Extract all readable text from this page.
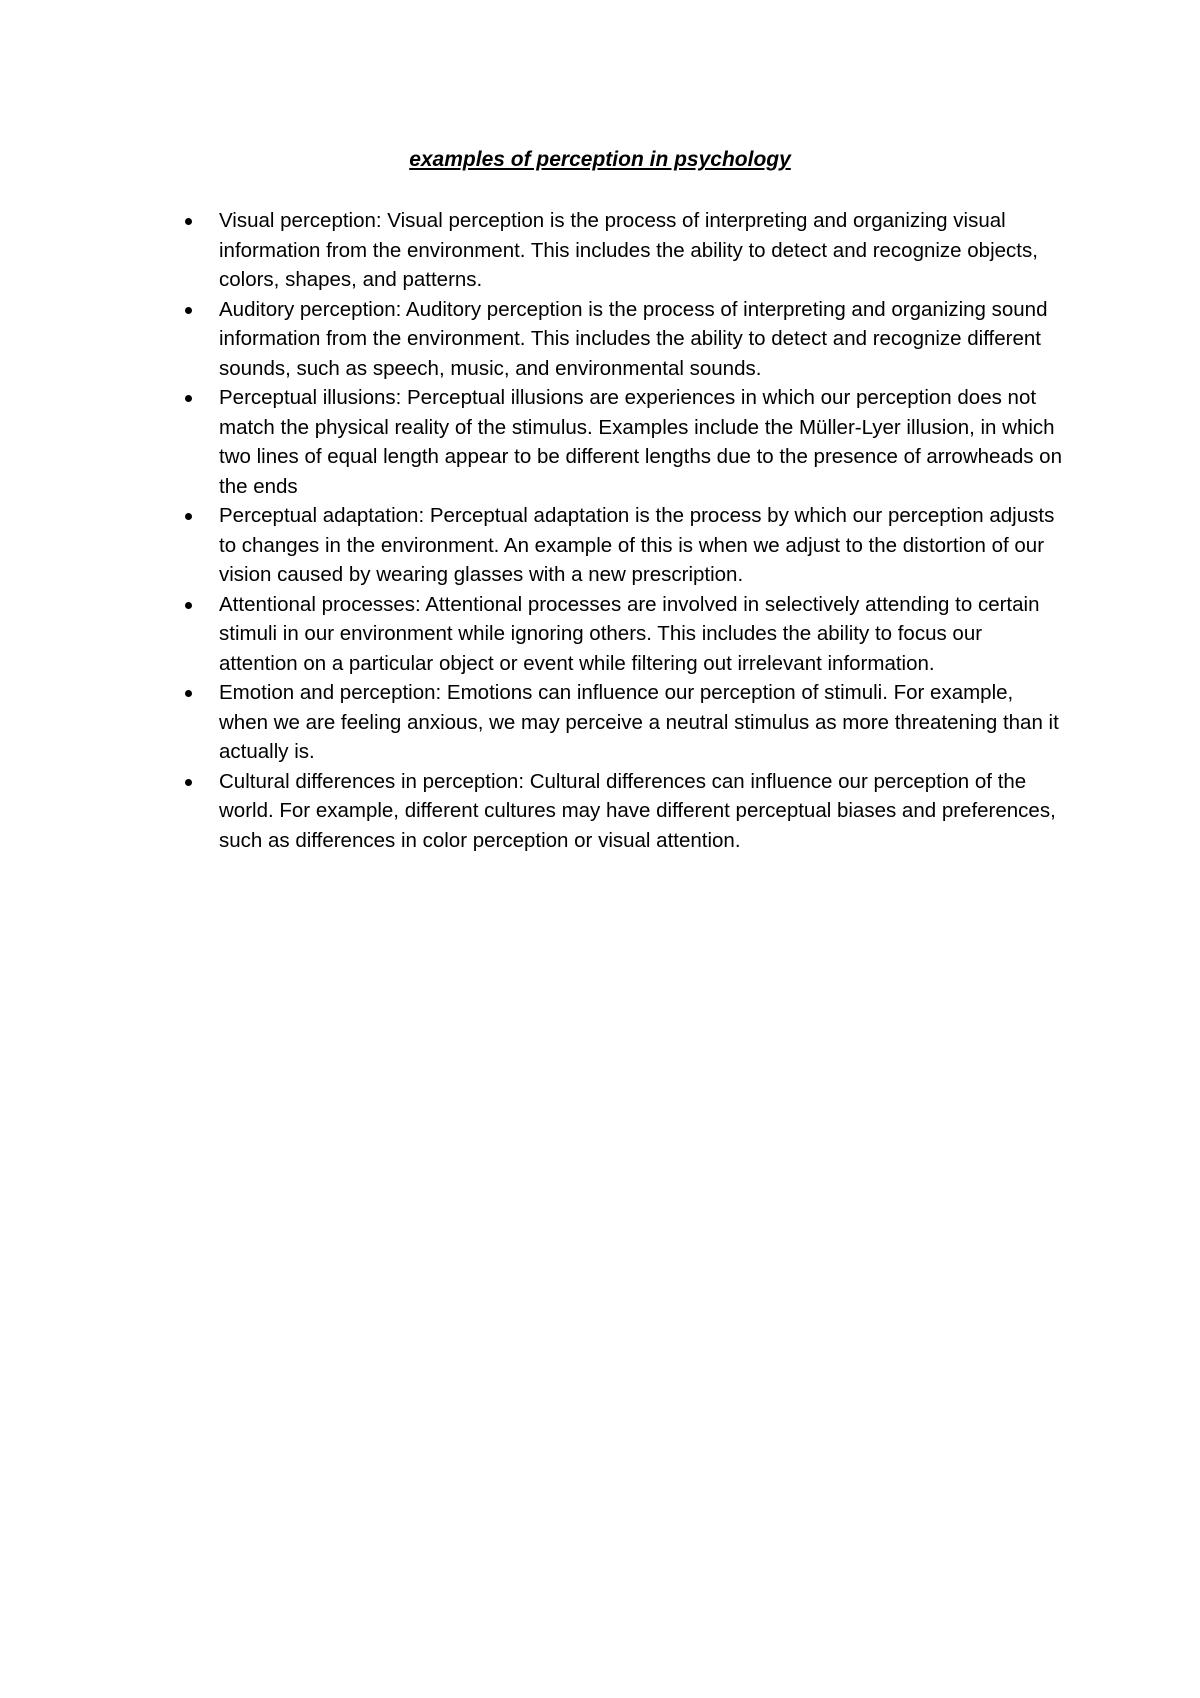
examples of perception in psychology
Visual perception: Visual perception is the process of interpreting and organizing visual information from the environment. This includes the ability to detect and recognize objects, colors, shapes, and patterns.
Auditory perception: Auditory perception is the process of interpreting and organizing sound information from the environment. This includes the ability to detect and recognize different sounds, such as speech, music, and environmental sounds.
Perceptual illusions: Perceptual illusions are experiences in which our perception does not match the physical reality of the stimulus. Examples include the Müller-Lyer illusion, in which two lines of equal length appear to be different lengths due to the presence of arrowheads on the ends
Perceptual adaptation: Perceptual adaptation is the process by which our perception adjusts to changes in the environment. An example of this is when we adjust to the distortion of our vision caused by wearing glasses with a new prescription.
Attentional processes: Attentional processes are involved in selectively attending to certain stimuli in our environment while ignoring others. This includes the ability to focus our attention on a particular object or event while filtering out irrelevant information.
Emotion and perception: Emotions can influence our perception of stimuli. For example, when we are feeling anxious, we may perceive a neutral stimulus as more threatening than it actually is.
Cultural differences in perception: Cultural differences can influence our perception of the world. For example, different cultures may have different perceptual biases and preferences, such as differences in color perception or visual attention.
